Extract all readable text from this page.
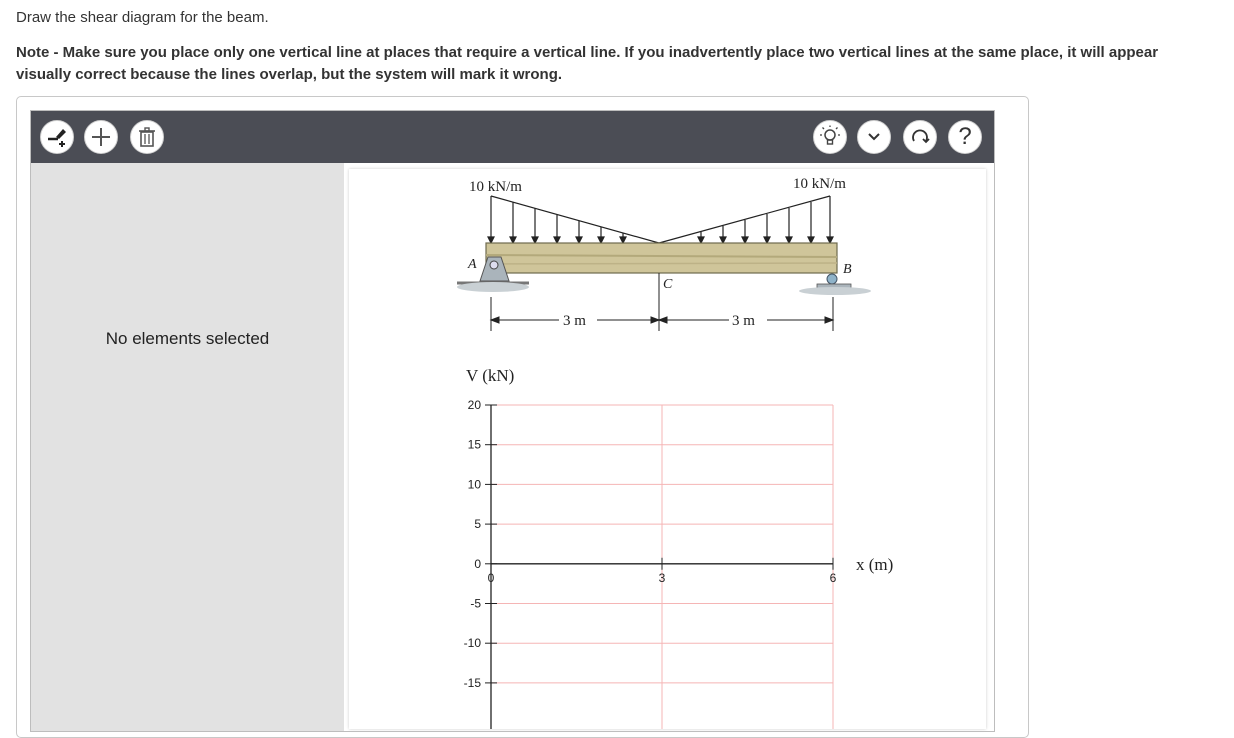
Draw the shear diagram for the beam.
Note - Make sure you place only one vertical line at places that require a vertical line. If you inadvertently place two vertical lines at the same place, it will appear visually correct because the lines overlap, but the system will mark it wrong.
?
No elements selected
10 kN/m	10 kN/m
A	B
C
3 m	3 m
V (kN)
x (m)
20
15
10
5
0
-5
-10
-15
0	3	6
